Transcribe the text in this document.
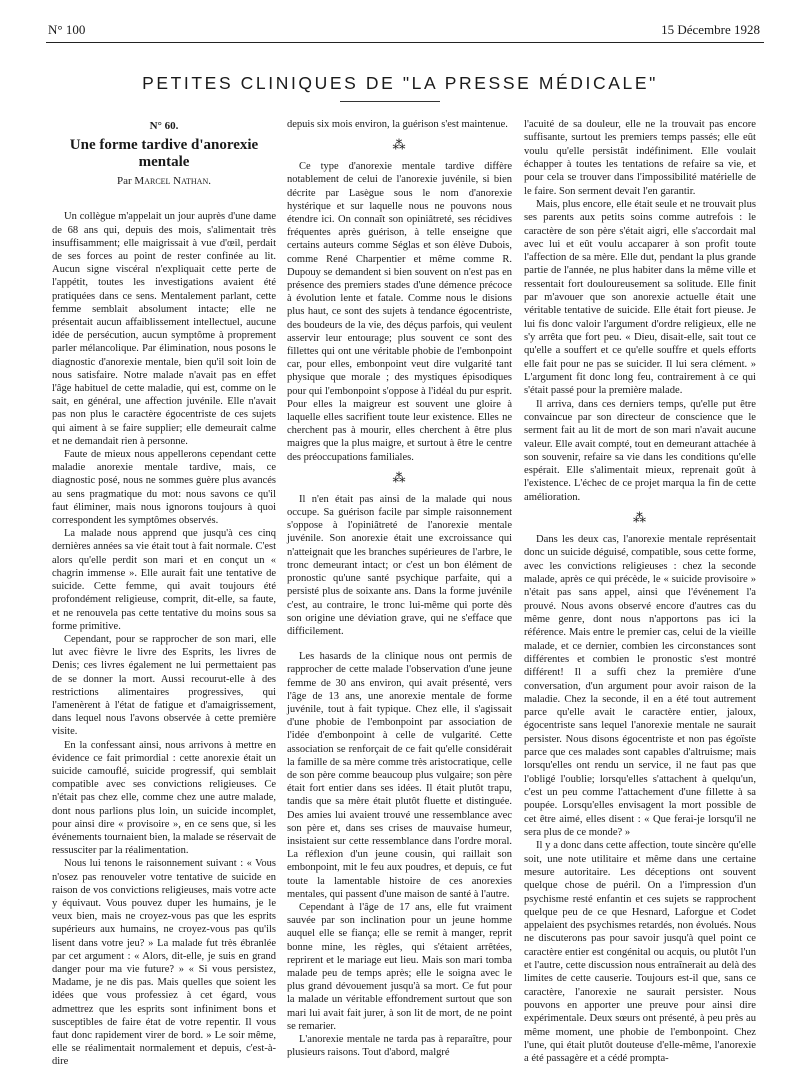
N° 100	15 Décembre 1928
PETITES CLINIQUES DE "LA PRESSE MÉDICALE"
N° 60.
Une forme tardive d'anorexie mentale
Par Marcel Nathan.

Un collègue m'appelait un jour auprès d'une dame de 68 ans qui, depuis des mois, s'alimentait très insuffisamment; elle maigrissait à vue d'œil, perdait de ses forces au point de rester confinée au lit. Aucun signe viscéral n'expliquait cette perte de l'appétit, toutes les investigations avaient été pratiquées dans ce sens. Mentalement parlant, cette femme semblait absolument intacte; elle ne présentait aucun affaiblissement intellectuel, aucune idée de persécution, aucun symptôme à proprement parler mélancolique. Par élimination, nous posons le diagnostic d'anorexie mentale, bien qu'il soit loin de nous satisfaire. Notre malade n'avait pas en effet l'âge habituel de cette maladie, qui est, comme on le sait, en général, une affection juvénile. Elle n'avait pas non plus le caractère égocentriste de ces sujets qui aiment à se faire supplier; elle demeurait calme et ne demandait rien à personne.

Faute de mieux nous appellerons cependant cette maladie anorexie mentale tardive, mais, ce diagnostic posé, nous ne sommes guère plus avancés au sens pragmatique du mot: nous savons ce qu'il faut éliminer, mais nous ignorons toujours à quoi correspondent les symptômes observés.

La malade nous apprend que jusqu'à ces cinq dernières années sa vie était tout à fait normale. C'est alors qu'elle perdit son mari et en conçut un « chagrin immense ». Elle aurait fait une tentative de suicide. Cette femme, qui avait toujours été profondément religieuse, comprit, dit-elle, sa faute, et ne renouvela pas cette tentative du moins sous sa forme primitive.

Cependant, pour se rapprocher de son mari, elle lut avec fièvre le livre des Esprits, les livres de Denis; ces livres également ne lui permettaient pas de se donner la mort. Aussi recourut-elle à des restrictions alimentaires progressives, qui l'amenèrent à l'état de fatigue et d'amaigrissement, dans lequel nous l'avons observée à cette première visite.

En la confessant ainsi, nous arrivons à mettre en évidence ce fait primordial : cette anorexie était un suicide camouflé, suicide progressif, qui semblait compatible avec ses convictions religieuses. Ce n'était pas chez elle, comme chez une autre malade, dont nous parlions plus loin, un suicide incomplet, pour ainsi dire « provisoire », en ce sens que, si les événements tournaient bien, la malade se réservait de ressusciter par la réalimentation.

Nous lui tenons le raisonnement suivant : « Vous n'osez pas renouveler votre tentative de suicide en raison de vos convictions religieuses, mais votre acte y équivaut. Vous pouvez duper les humains, je le veux bien, mais ne croyez-vous pas que les esprits supérieurs aux humains, ne croyez-vous pas qu'ils lisent dans votre jeu? » La malade fut très ébranlée par cet argument : « Alors, dit-elle, je suis en grand danger pour ma vie future? » « Si vous persistez, Madame, je ne dis pas. Mais quelles que soient les idées que vous professiez à cet égard, vous admettrez que les esprits sont infiniment bons et susceptibles de faire état de votre repentir. Il vous faut donc rapidement virer de bord. » Le soir même, elle se réalimentait normalement et depuis, c'est-à-dire

depuis six mois environ, la guérison s'est maintenue.

⁂

Ce type d'anorexie mentale tardive diffère notablement de celui de l'anorexie juvénile, si bien décrite par Lasègue sous le nom d'anorexie hystérique et sur laquelle nous ne pouvons nous étendre ici. On connaît son opiniâtreté, ses récidives fréquentes après guérison, à telle enseigne que certains auteurs comme Séglas et son élève Dubois, comme René Charpentier et même comme R. Dupouy se demandent si bien souvent on n'est pas en présence des premiers stades d'une démence précoce à évolution lente et fatale. Comme nous le disions plus haut, ce sont des sujets à tendance égocentriste, des boudeurs de la vie, des déçus parfois, qui veulent asservir leur entourage; plus souvent ce sont des fillettes qui ont une véritable phobie de l'embonpoint car, pour elles, embonpoint veut dire vulgarité tant physique que morale ; des mystiques épisodiques pour qui l'embonpoint s'oppose à l'idéal du pur esprit. Pour elles la maigreur est souvent une gloire à laquelle elles sacrifient toute leur existence. Elles ne cherchent pas à mourir, elles cherchent à être plus maigres que la plus maigre, et surtout à être le centre des préoccupations familiales.

⁂

Il n'en était pas ainsi de la malade qui nous occupe. Sa guérison facile par simple raisonnement s'oppose à l'opiniâtreté de l'anorexie mentale juvénile. Son anorexie était une excroissance qui n'atteignait que les branches supérieures de l'arbre, le tronc demeurant intact; or c'est un bon élément de pronostic qu'une santé psychique parfaite, qui a persisté plus de soixante ans. Dans la forme juvénile c'est, au contraire, le tronc lui-même qui porte dès son origine une déviation grave, qui ne s'efface que difficilement.

Les hasards de la clinique nous ont permis de rapprocher de cette malade l'observation d'une jeune femme de 30 ans environ, qui avait présenté, vers l'âge de 13 ans, une anorexie mentale de forme juvénile, tout à fait typique. Chez elle, il s'agissait d'une phobie de l'embonpoint par association de l'idée d'embonpoint à celle de vulgarité. Cette association se renforçait de ce fait qu'elle considérait la famille de sa mère comme très aristocratique, celle de son père comme beaucoup plus vulgaire; son père était fort entier dans ses idées. Il était plutôt trapu, tandis que sa mère était plutôt fluette et distinguée. Des amies lui avaient trouvé une ressemblance avec son père et, dans ses crises de mauvaise humeur, insistaient sur cette ressemblance dans l'ordre moral. La réflexion d'un jeune cousin, qui raillait son embonpoint, mit le feu aux poudres, et depuis, ce fut toute la lamentable histoire de ces anorexies mentales, qui passent d'une maison de santé à l'autre.

Cependant à l'âge de 17 ans, elle fut vraiment sauvée par son inclination pour un jeune homme auquel elle se fiança; elle se remit à manger, reprit bonne mine, les règles, qui s'étaient arrêtées, reprirent et le mariage eut lieu. Mais son mari tomba malade peu de temps après; elle le soigna avec le plus grand dévouement jusqu'à sa mort. Ce fut pour la malade un véritable effondrement surtout que son mari lui avait fait jurer, à son lit de mort, de ne point se remarier.

L'anorexie mentale ne tarda pas à reparaître, pour plusieurs raisons. Tout d'abord, malgré

l'acuité de sa douleur, elle ne la trouvait pas encore suffisante, surtout les premiers temps passés; elle eût voulu qu'elle persistât indéfiniment. Elle voulait échapper à toutes les tentations de refaire sa vie, et pour cela se trouver dans l'impossibilité matérielle de le faire. Son serment devait l'en garantir.

Mais, plus encore, elle était seule et ne trouvait plus ses parents aux petits soins comme autrefois : le caractère de son père s'était aigri, elle s'accordait mal avec lui et eût voulu accaparer à son profit toute l'affection de sa mère. Elle dut, pendant la plus grande partie de l'année, ne plus habiter dans la même ville et ressentait fort douloureusement sa solitude. Elle finit par m'avouer que son anorexie actuelle était une véritable tentative de suicide. Elle était fort pieuse. Je lui fis donc valoir l'argument d'ordre religieux, elle ne s'y arrêta que fort peu. « Dieu, disait-elle, sait tout ce qu'elle a souffert et ce qu'elle souffre et quels efforts elle fait pour ne pas se suicider. Il lui sera clément. » L'argument fit donc long feu, contrairement à ce qui s'était passé pour la première malade.

Il arriva, dans ces derniers temps, qu'elle put être convaincue par son directeur de conscience que le serment fait au lit de mort de son mari n'avait aucune valeur. Elle avait compté, tout en demeurant attachée à son souvenir, refaire sa vie dans les conditions qu'elle espérait. Elle s'alimentait mieux, reprenait goût à l'existence. L'échec de ce projet marqua la fin de cette amélioration.

⁂

Dans les deux cas, l'anorexie mentale représentait donc un suicide déguisé, compatible, sous cette forme, avec les convictions religieuses : chez la seconde malade, après ce qui précède, le « suicide provisoire » n'était pas sans appel, ainsi que l'événement l'a prouvé. Nous avons observé encore d'autres cas du même genre, dont nous n'apportons pas ici la référence. Mais entre le premier cas, celui de la vieille malade, et ce dernier, combien les circonstances sont différentes et combien le pronostic s'est montré différent! Il a suffi chez la première d'une conversation, d'un argument pour avoir raison de la maladie. Chez la seconde, il en a été tout autrement parce qu'elle avait le caractère entier, jaloux, égocentriste sans lequel l'anorexie mentale ne saurait persister. Nous disons égocentriste et non pas égoïste parce que ces malades sont capables d'altruisme; mais lorsqu'elles ont rendu un service, il ne faut pas que l'obligé l'oublie; lorsqu'elles s'attachent à quelqu'un, c'est un peu comme l'attachement d'une fillette à sa poupée. Lorsqu'elles envisagent la mort possible de cet être aimé, elles disent : « Que ferai-je lorsqu'il ne sera plus de ce monde? »

Il y a donc dans cette affection, toute sincère qu'elle soit, une note utilitaire et même dans une certaine mesure autoritaire. Les déceptions ont souvent quelque chose de puéril. On a l'impression d'un psychisme resté enfantin et ces sujets se rapprochent quelque peu de ce que Hesnard, Laforgue et Codet appelaient des psychismes retardés, non évolués. Nous ne discuterons pas pour savoir jusqu'à quel point ce caractère entier est congénital ou acquis, ou plutôt l'un et l'autre, cette discussion nous entraînerait au delà des limites de cette causerie. Toujours est-il que, sans ce caractère, l'anorexie ne saurait persister. Nous pouvons en apporter une preuve pour ainsi dire expérimentale. Deux sœurs ont présenté, à peu près au même moment, une phobie de l'embonpoint. Chez l'une, qui était plutôt douteuse d'elle-même, l'anorexie a été passagère et a cédé prompta-
